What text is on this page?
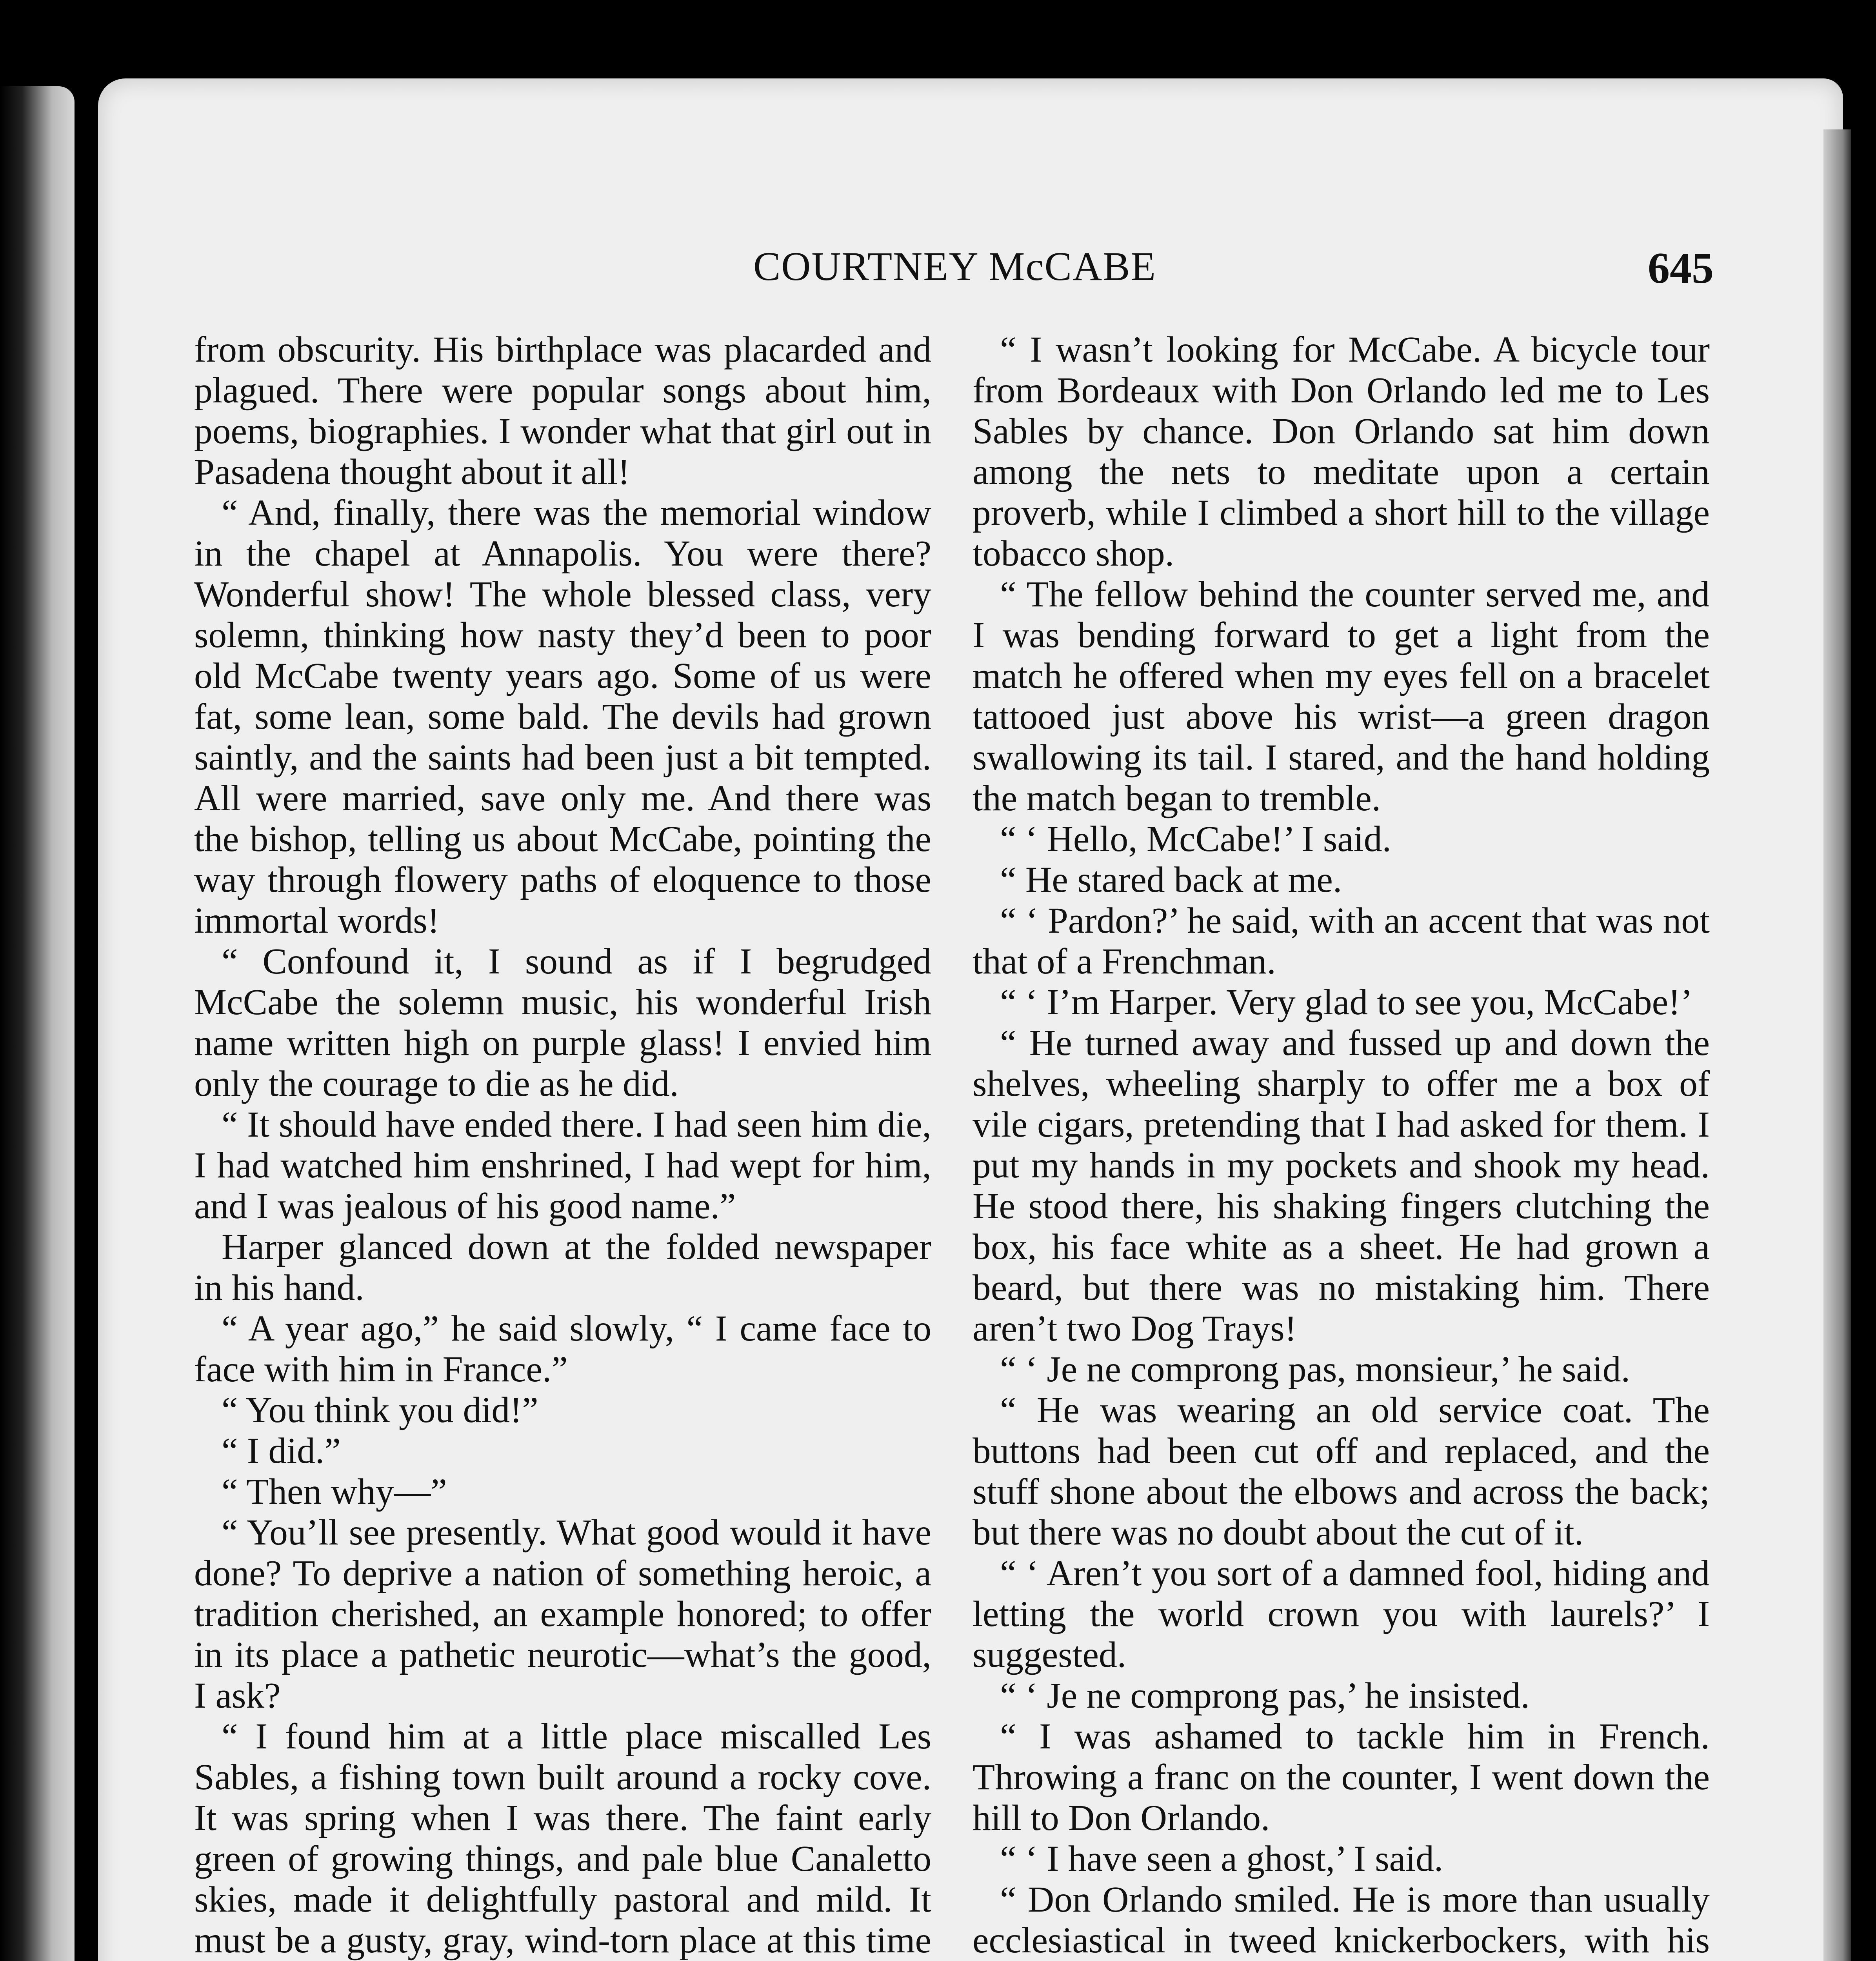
COURTNEY McCABE	645

from obscurity. His birthplace was placarded and plagued. There were popular songs about him, poems, biographies. I wonder what that girl out in Pasadena thought about it all!

“ And, finally, there was the memorial window in the chapel at Annapolis. You were there? Wonderful show! The whole blessed class, very solemn, thinking how nasty they’d been to poor old McCabe twenty years ago. Some of us were fat, some lean, some bald. The devils had grown saintly, and the saints had been just a bit tempted. All were married, save only me. And there was the bishop, telling us about McCabe, pointing the way through flowery paths of eloquence to those immortal words!

“ Confound it, I sound as if I begrudged McCabe the solemn music, his wonderful Irish name written high on purple glass! I envied him only the courage to die as he did.

“ It should have ended there. I had seen him die, I had watched him enshrined, I had wept for him, and I was jealous of his good name.”

Harper glanced down at the folded newspaper in his hand.

“ A year ago,” he said slowly, “ I came face to face with him in France.”

“ You think you did!”

“ I did.”

“ Then why—”

“ You’ll see presently. What good would it have done? To deprive a nation of something heroic, a tradition cherished, an example honored; to offer in its place a pathetic neurotic—what’s the good, I ask?

“ I found him at a little place miscalled Les Sables, a fishing town built around a rocky cove. It was spring when I was there. The faint early green of growing things, and pale blue Canaletto skies, made it delightfully pastoral and mild. It must be a gusty, gray, wind-torn place at this time

“ I wasn’t looking for McCabe. A bicycle tour from Bordeaux with Don Orlando led me to Les Sables by chance. Don Orlando sat him down among the nets to meditate upon a certain proverb, while I climbed a short hill to the village tobacco shop.

“ The fellow behind the counter served me, and I was bending forward to get a light from the match he offered when my eyes fell on a bracelet tattooed just above his wrist—a green dragon swallowing its tail. I stared, and the hand holding the match began to tremble.

“ ‘ Hello, McCabe!’ I said.

“ He stared back at me.

“ ‘ Pardon?’ he said, with an accent that was not that of a Frenchman.

“ ‘ I’m Harper. Very glad to see you, McCabe!’

“ He turned away and fussed up and down the shelves, wheeling sharply to offer me a box of vile cigars, pretending that I had asked for them. I put my hands in my pockets and shook my head. He stood there, his shaking fingers clutching the box, his face white as a sheet. He had grown a beard, but there was no mistaking him. There aren’t two Dog Trays!

“ ‘ Je ne comprong pas, monsieur,’ he said.

“ He was wearing an old service coat. The buttons had been cut off and replaced, and the stuff shone about the elbows and across the back; but there was no doubt about the cut of it.

“ ‘ Aren’t you sort of a damned fool, hiding and letting the world crown you with laurels?’ I suggested.

“ ‘ Je ne comprong pas,’ he insisted.

“ I was ashamed to tackle him in French. Throwing a franc on the counter, I went down the hill to Don Orlando.

“ ‘ I have seen a ghost,’ I said.

“ Don Orlando smiled. He is more than usually ecclesiastical in tweed knickerbockers, with his
